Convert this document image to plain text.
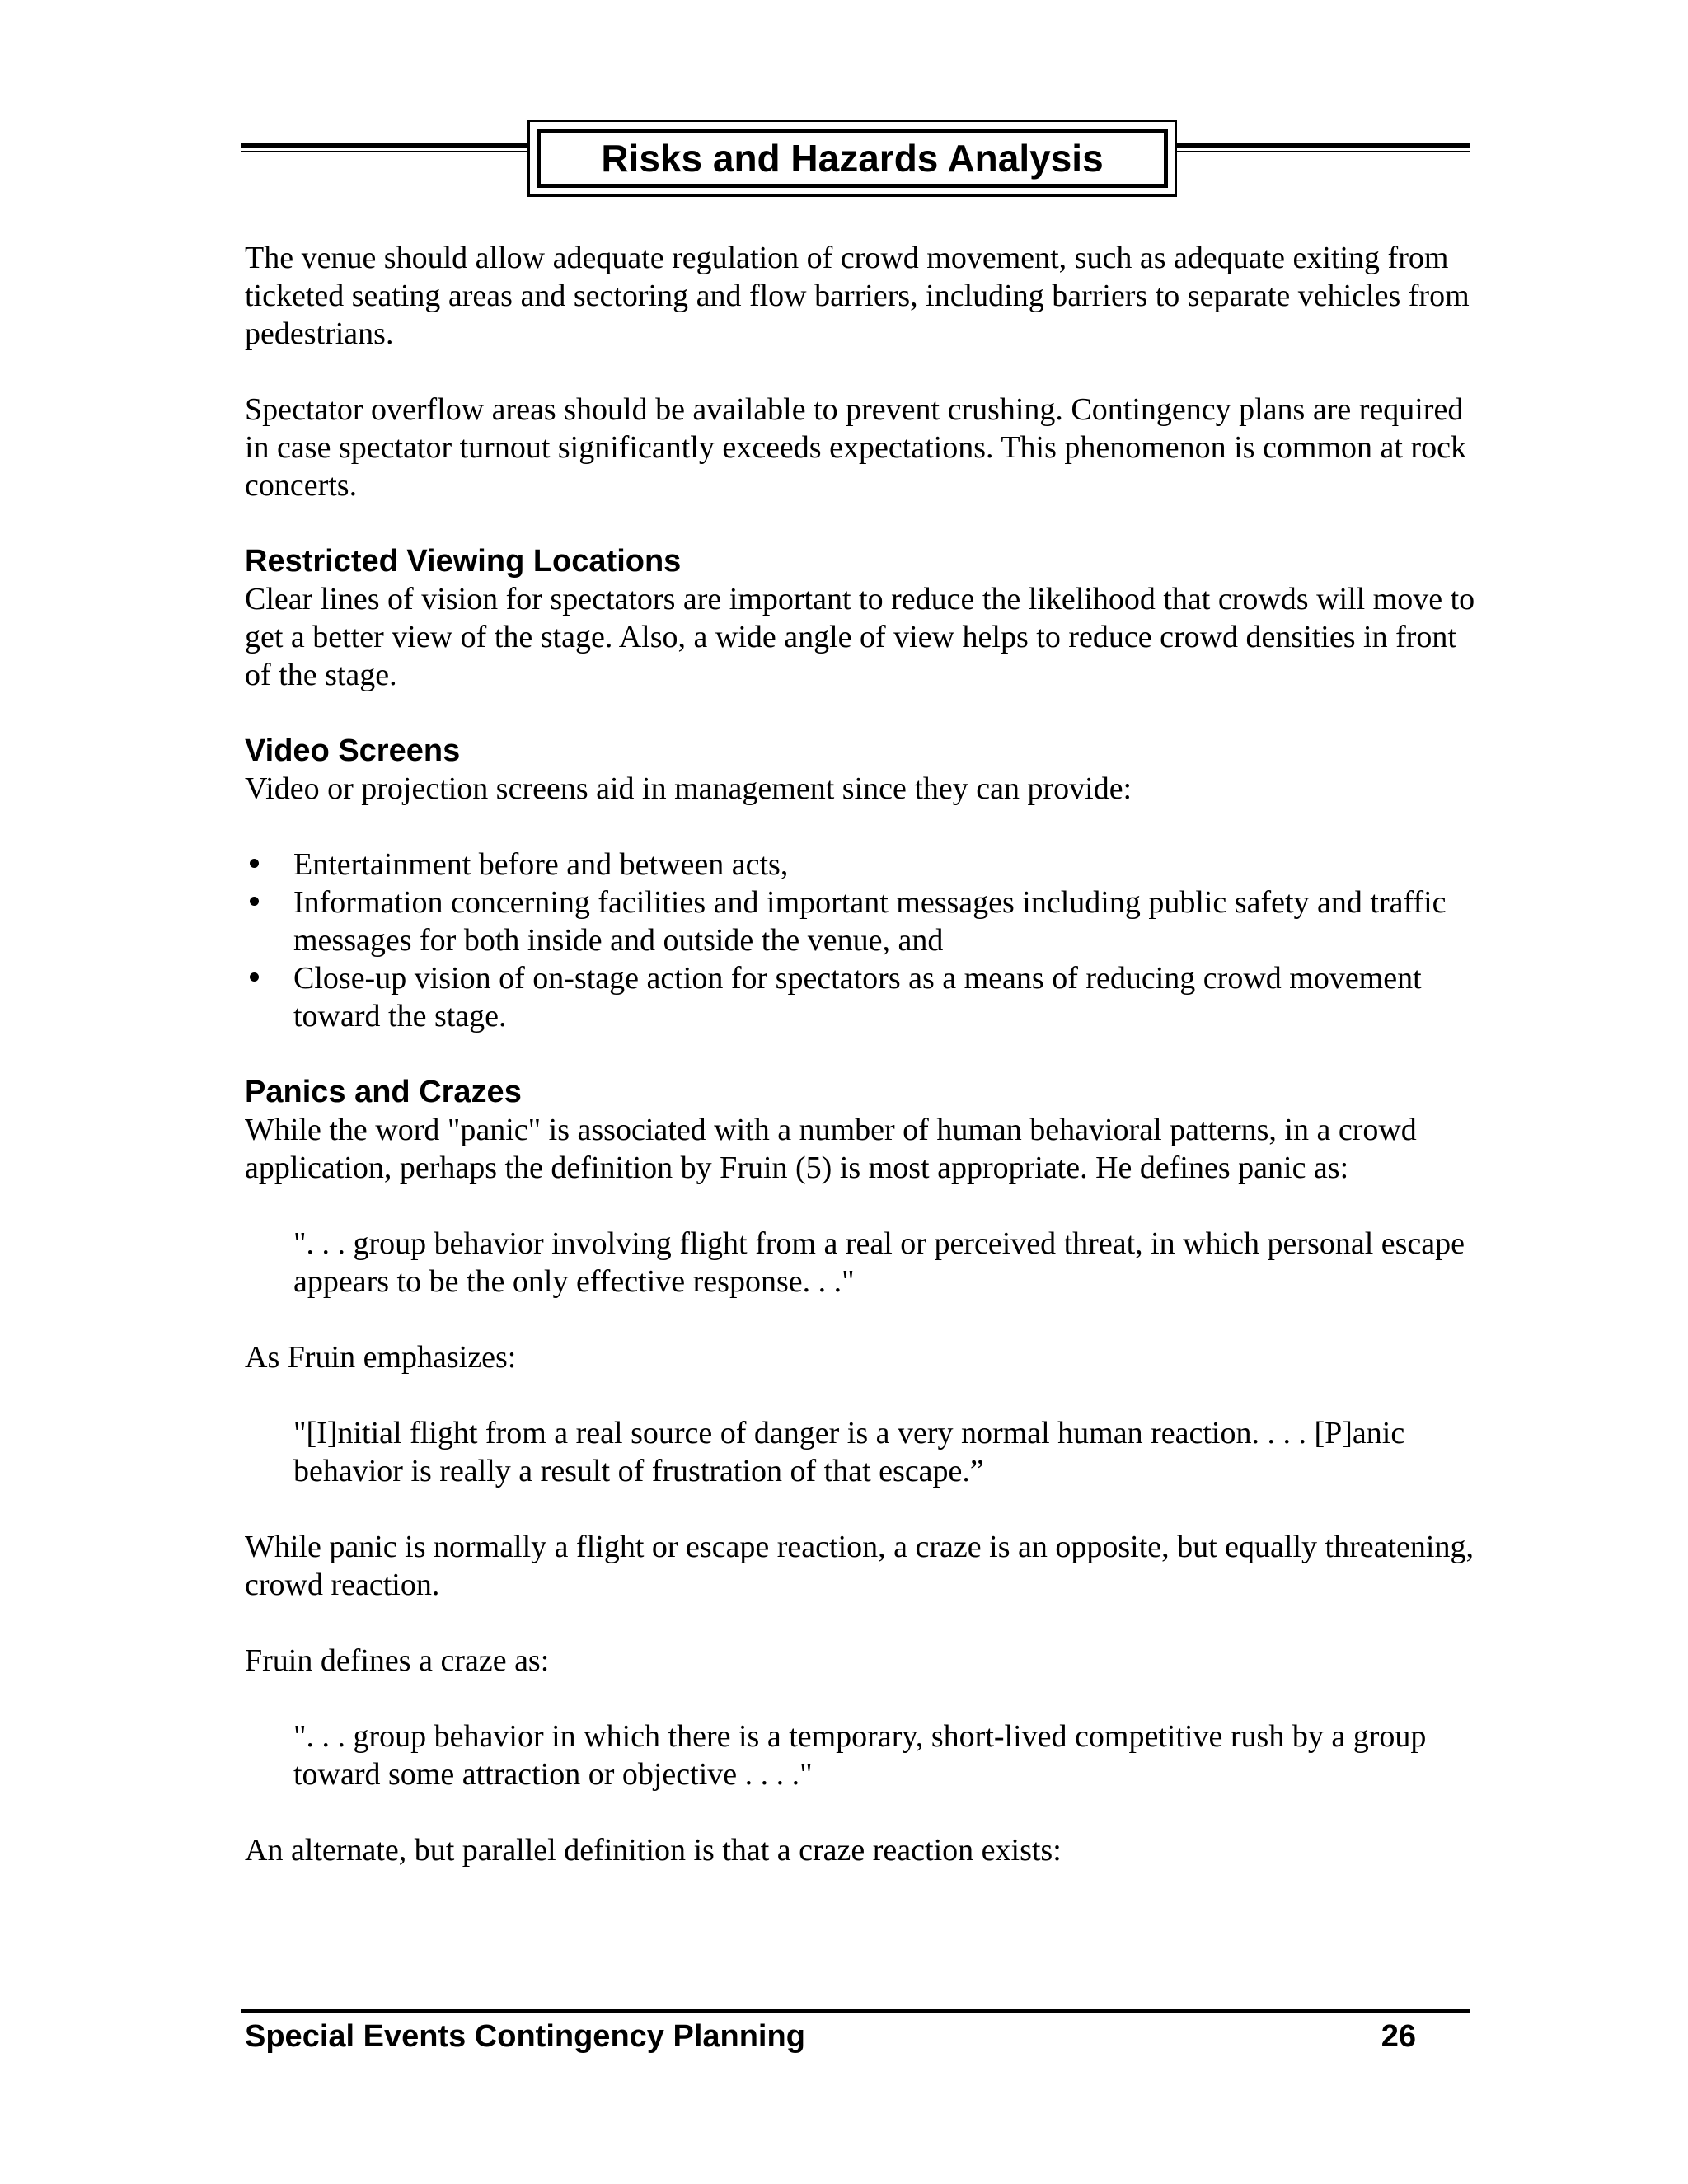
Risks and Hazards Analysis

The venue should allow adequate regulation of crowd movement, such as adequate exiting from ticketed seating areas and sectoring and flow barriers, including barriers to separate vehicles from pedestrians.

Spectator overflow areas should be available to prevent crushing. Contingency plans are required in case spectator turnout significantly exceeds expectations. This phenomenon is common at rock concerts.

Restricted Viewing Locations

Clear lines of vision for spectators are important to reduce the likelihood that crowds will move to get a better view of the stage. Also, a wide angle of view helps to reduce crowd densities in front of the stage.

Video Screens

Video or projection screens aid in management since they can provide:

Entertainment before and between acts,
Information concerning facilities and important messages including public safety and traffic messages for both inside and outside the venue, and
Close-up vision of on-stage action for spectators as a means of reducing crowd movement toward the stage.
Panics and Crazes

While the word "panic" is associated with a number of human behavioral patterns, in a crowd application, perhaps the definition by Fruin (5) is most appropriate. He defines panic as:

". . . group behavior involving flight from a real or perceived threat, in which personal escape appears to be the only effective response. . ."

As Fruin emphasizes:

"[I]nitial flight from a real source of danger is a very normal human reaction. . . . [P]anic behavior is really a result of frustration of that escape.”

While panic is normally a flight or escape reaction, a craze is an opposite, but equally threatening, crowd reaction.

Fruin defines a craze as:

". . . group behavior in which there is a temporary, short-lived competitive rush by a group toward some attraction or objective . . . ."

An alternate, but parallel definition is that a craze reaction exists:

Special Events Contingency Planning	26
